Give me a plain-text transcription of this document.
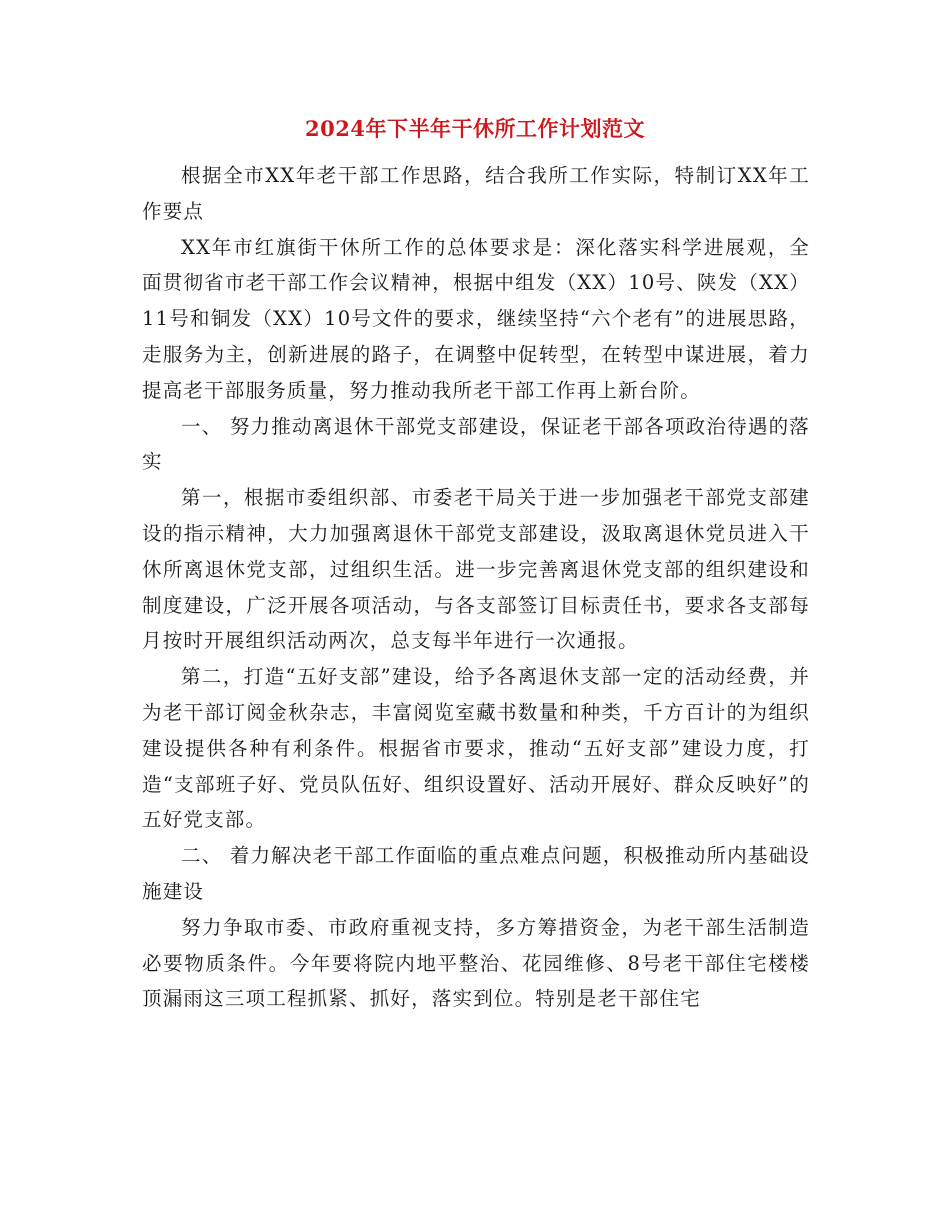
2024年下半年干休所工作计划范文

根据全市XX年老干部工作思路，结合我所工作实际，特制订XX年工作要点

XX年市红旗街干休所工作的总体要求是：深化落实科学进展观，全面贯彻省市老干部工作会议精神，根据中组发（XX）10号、陕发（XX）11号和铜发（XX）10号文件的要求，继续坚持“六个老有”的进展思路，走服务为主，创新进展的路子，在调整中促转型，在转型中谋进展，着力提高老干部服务质量，努力推动我所老干部工作再上新台阶。

一、 努力推动离退休干部党支部建设，保证老干部各项政治待遇的落实

第一，根据市委组织部、市委老干局关于进一步加强老干部党支部建设的指示精神，大力加强离退休干部党支部建设，汲取离退休党员进入干休所离退休党支部，过组织生活。进一步完善离退休党支部的组织建设和制度建设，广泛开展各项活动，与各支部签订目标责任书，要求各支部每月按时开展组织活动两次，总支每半年进行一次通报。

第二，打造“五好支部”建设，给予各离退休支部一定的活动经费，并为老干部订阅金秋杂志，丰富阅览室藏书数量和种类，千方百计的为组织建设提供各种有利条件。根据省市要求，推动“五好支部”建设力度，打造“支部班子好、党员队伍好、组织设置好、活动开展好、群众反映好”的五好党支部。

二、 着力解决老干部工作面临的重点难点问题，积极推动所内基础设施建设

努力争取市委、市政府重视支持，多方筹措资金，为老干部生活制造必要物质条件。今年要将院内地平整治、花园维修、8号老干部住宅楼楼顶漏雨这三项工程抓紧、抓好，落实到位。特别是老干部住宅
